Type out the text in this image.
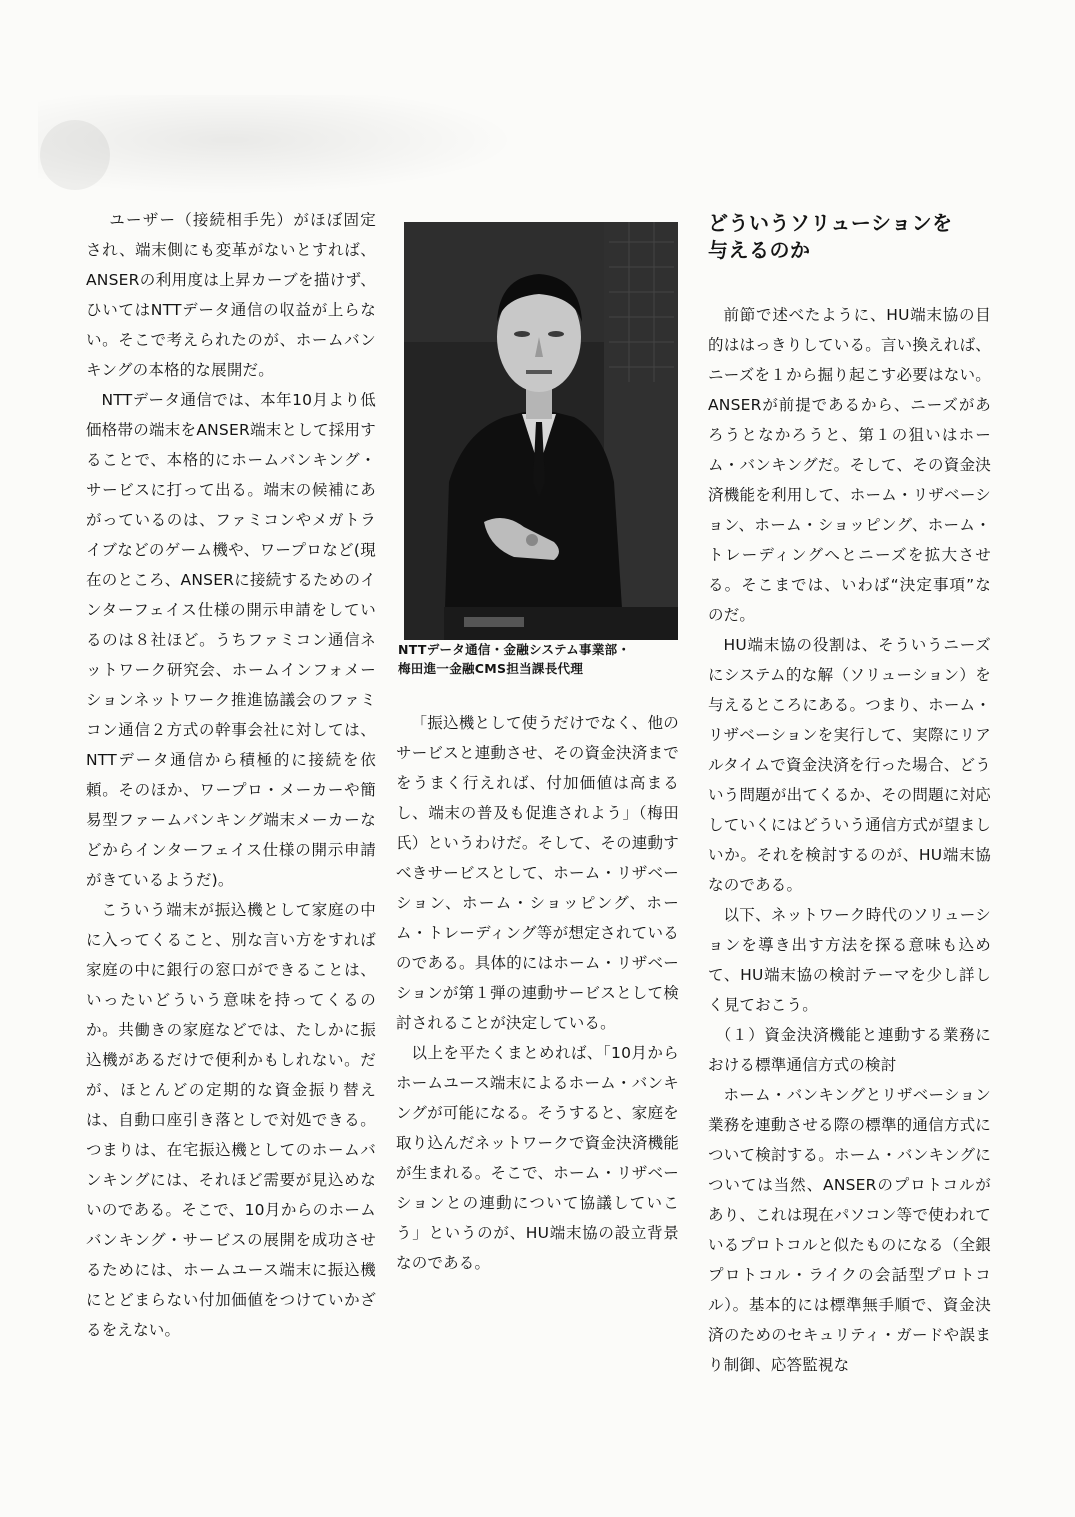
ユーザー（接続相手先）がほぼ固定され、端末側にも変革がないとすれば、ANSERの利用度は上昇カーブを描けず、ひいてはNTTデータ通信の収益が上らない。そこで考えられたのが、ホームバンキングの本格的な展開だ。

NTTデータ通信では、本年10月より低価格帯の端末をANSER端末として採用することで、本格的にホームバンキング・サービスに打って出る。端末の候補にあがっているのは、ファミコンやメガトライブなどのゲーム機や、ワープロなど(現在のところ、ANSERに接続するためのインターフェイス仕様の開示申請をしているのは８社ほど。うちファミコン通信ネットワーク研究会、ホームインフォメーションネットワーク推進協議会のファミコン通信２方式の幹事会社に対しては、NTTデータ通信から積極的に接続を依頼。そのほか、ワープロ・メーカーや簡易型ファームバンキング端末メーカーなどからインターフェイス仕様の開示申請がきているようだ)。

こういう端末が振込機として家庭の中に入ってくること、別な言い方をすれば家庭の中に銀行の窓口ができることは、いったいどういう意味を持ってくるのか。共働きの家庭などでは、たしかに振込機があるだけで便利かもしれない。だが、ほとんどの定期的な資金振り替えは、自動口座引き落としで対処できる。つまりは、在宅振込機としてのホームバンキングには、それほど需要が見込めないのである。そこで、10月からのホームバンキング・サービスの展開を成功させるためには、ホームユース端末に振込機にとどまらない付加価値をつけていかざるをえない。

NTTデータ通信・金融システム事業部・
梅田進一金融CMS担当課長代理

「振込機として使うだけでなく、他のサービスと連動させ、その資金決済までをうまく行えれば、付加価値は高まるし、端末の普及も促進されよう」（梅田氏）というわけだ。そして、その連動すべきサービスとして、ホーム・リザベーション、ホーム・ショッピング、ホーム・トレーディング等が想定されているのである。具体的にはホーム・リザベーションが第１弾の連動サービスとして検討されることが決定している。

以上を平たくまとめれば、「10月からホームユース端末によるホーム・バンキングが可能になる。そうすると、家庭を取り込んだネットワークで資金決済機能が生まれる。そこで、ホーム・リザベーションとの連動について協議していこう」というのが、HU端末協の設立背景なのである。

どういうソリューションを
与えるのか

前節で述べたように、HU端末協の目的ははっきりしている。言い換えれば、ニーズを１から掘り起こす必要はない。ANSERが前提であるから、ニーズがあろうとなかろうと、第１の狙いはホーム・バンキングだ。そして、その資金決済機能を利用して、ホーム・リザベーション、ホーム・ショッピング、ホーム・トレーディングへとニーズを拡大させる。そこまでは、いわば“決定事項”なのだ。

HU端末協の役割は、そういうニーズにシステム的な解（ソリューション）を与えるところにある。つまり、ホーム・リザベーションを実行して、実際にリアルタイムで資金決済を行った場合、どういう問題が出てくるか、その問題に対応していくにはどういう通信方式が望ましいか。それを検討するのが、HU端末協なのである。

以下、ネットワーク時代のソリューションを導き出す方法を探る意味も込めて、HU端末協の検討テーマを少し詳しく見ておこう。

（１）資金決済機能と連動する業務における標準通信方式の検討

ホーム・バンキングとリザベーション業務を連動させる際の標準的通信方式について検討する。ホーム・バンキングについては当然、ANSERのプロトコルがあり、これは現在パソコン等で使われているプロトコルと似たものになる（全銀プロトコル・ライクの会話型プロトコル）。基本的には標準無手順で、資金決済のためのセキュリティ・ガードや誤まり制御、応答監視な
